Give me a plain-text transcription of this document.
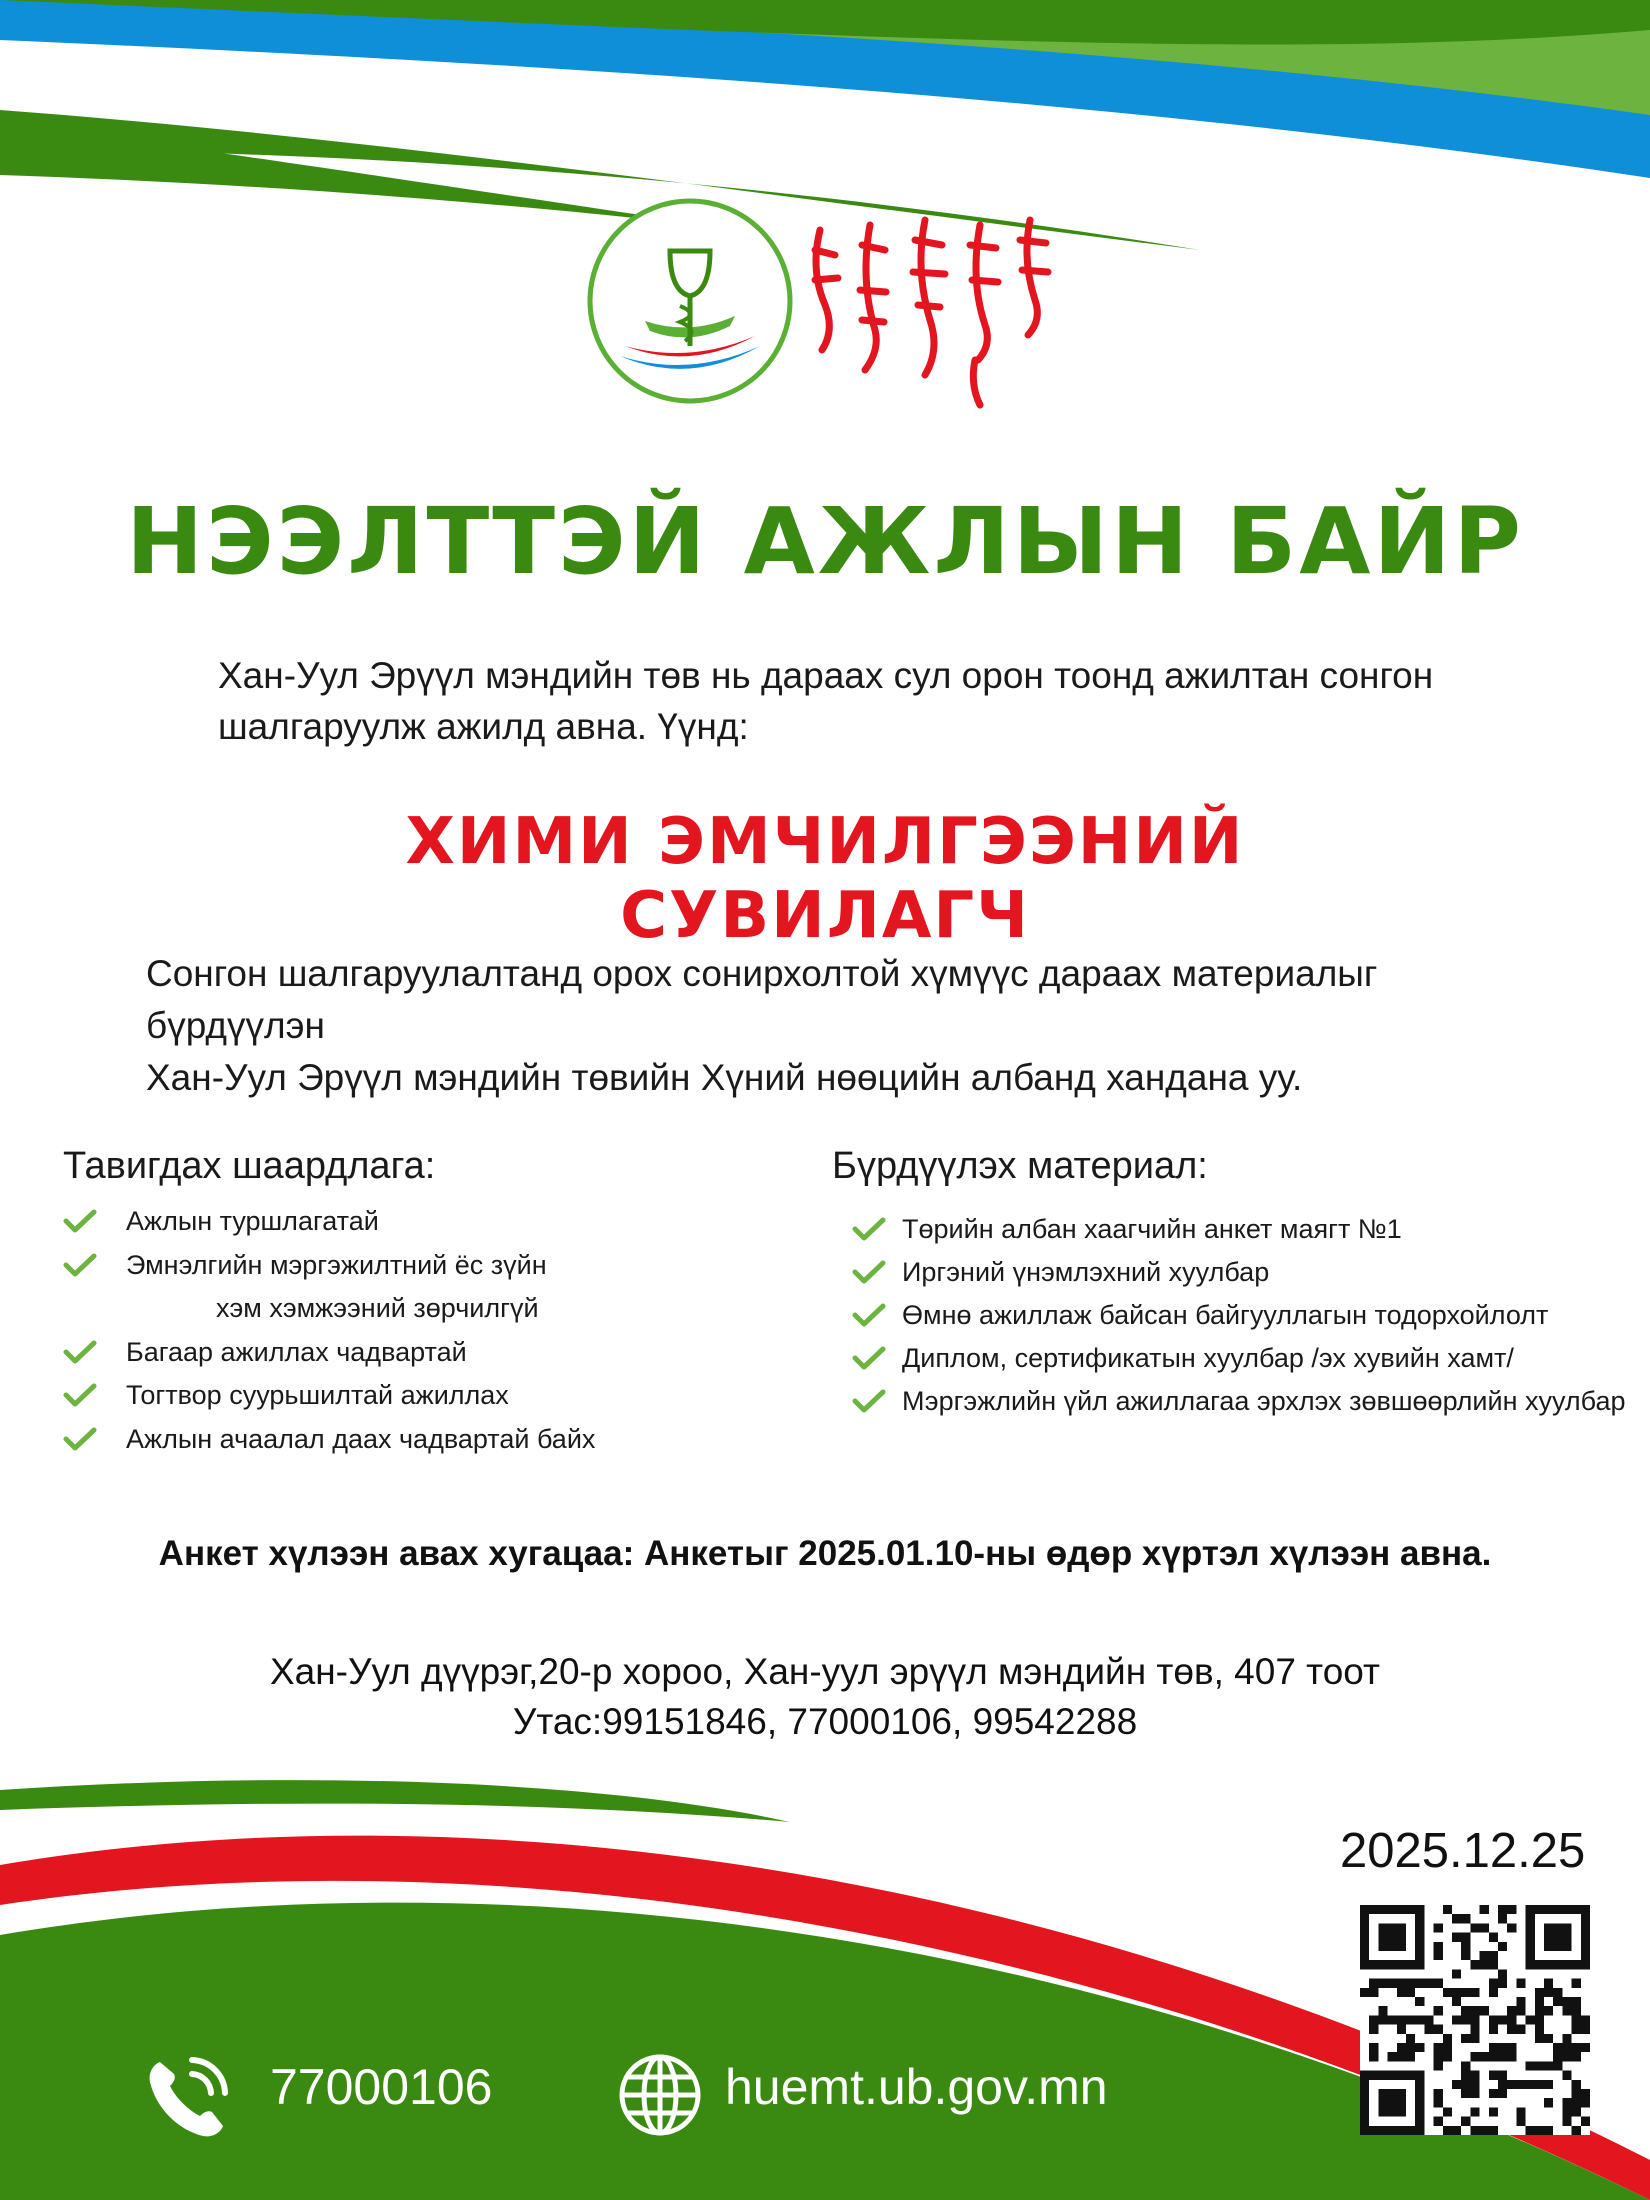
НЭЭЛТТЭЙ АЖЛЫН БАЙР
Хан-Уул Эрүүл мэндийн төв нь дараах сул орон тоонд ажилтан сонгон
шалгаруулж ажилд авна. Үүнд:
ХИМИ ЭМЧИЛГЭЭНИЙ СУВИЛАГЧ
Сонгон шалгаруулалтанд орох сонирхолтой хүмүүс дараах материалыг бүрдүүлэн
Хан-Уул Эрүүл мэндийн төвийн Хүний нөөцийн албанд хандана уу.
Тавигдах шаардлага:
Ажлын туршлагатай
Эмнэлгийн мэргэжилтний ёс зүйн
хэм хэмжээний зөрчилгүй
Багаар ажиллах чадвартай
Тогтвор суурьшилтай ажиллах
Ажлын ачаалал даах чадвартай байх
Бүрдүүлэх материал:
Төрийн албан хаагчийн анкет маягт №1
Иргэний үнэмлэхний хуулбар
Өмнө ажиллаж байсан байгууллагын тодорхойлолт
Диплом, сертификатын хуулбар /эх хувийн хамт/
Мэргэжлийн үйл ажиллагаа эрхлэх зөвшөөрлийн хуулбар
Анкет хүлээн авах хугацаа: Анкетыг 2025.01.10-ны өдөр хүртэл хүлээн авна.
Хан-Уул дүүрэг,20-р хороо, Хан-уул эрүүл мэндийн төв, 407 тоот
Утас:99151846, 77000106, 99542288
2025.12.25
77000106	huemt.ub.gov.mn
